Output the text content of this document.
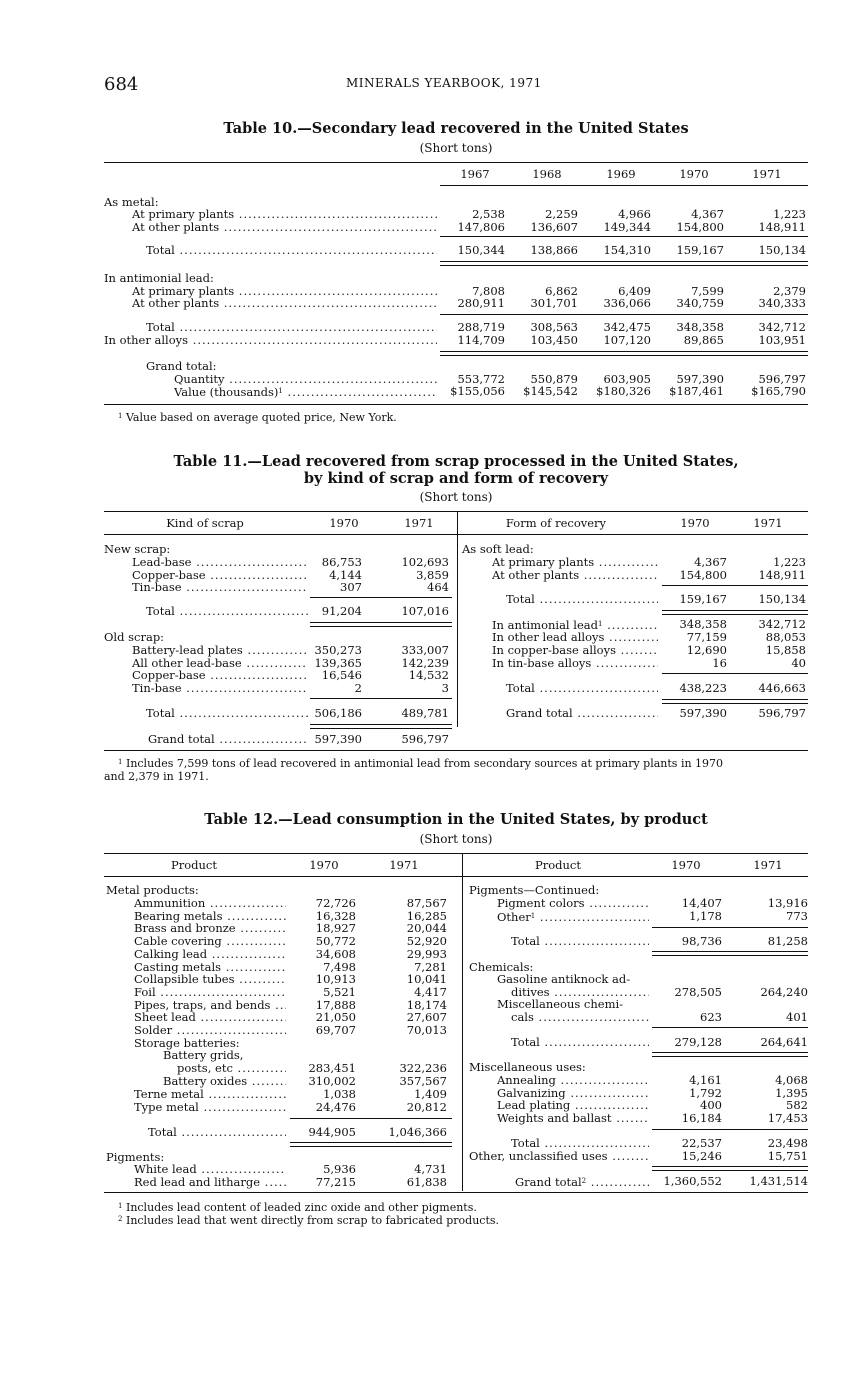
684	MINERALS YEARBOOK, 1971
Table 10.—Secondary lead recovered in the United States
(Short tons)
1967	1968	1969	1970	1971
As metal:
At primary plants .....	2,538	2,259	4,966	4,367	1,223
At other plants .....	147,806 136,607 149,344 154,800	148,911
Total .....	150,344 138,866 154,310 159,167	150,134
In antimonial lead:
At primary plants .....	7,808	6,862	6,409	7,599	2,379
At other plants .....	280,911 301,701 336,066 340,759	340,333
Total .....	288,719 308,563 342,475 348,358	342,712
In other alloys .....	114,709 103,450 107,120	89,865	103,951
Grand total:
Quantity .....	553,772 550,879 603,905 597,390	596,797
Value (thousands)$^1$ .....	$155,056 $145,542 $180,326 $187,461 $165,790
$^1$ Value based on average quoted price, New York.
Table 11.—Lead recovered from scrap processed in the United States,
by kind of scrap and form of recovery
(Short tons)
Kind of scrap	1970	1971	Form of recovery	1970	1971
New scrap:
Lead-base .....	86,753	102,693
Copper-base .....	4,144	3,859
Tin-base .....	307	464
Total .....	91,204	107,016
Old scrap:
Battery-lead plates .....	350,273	333,007
All other lead-base .....	139,365	142,239
Copper-base .....	16,546	14,532
Tin-base .....	2	3
Total .....	506,186	489,781
Grand total .....	597,390	596,797
As soft lead:
At primary plants .....	4,367	1,223
At other plants .....	154,800	148,911
Total .....	159,167	150,134
In antimonial lead$^1$ .....	348,358	342,712
In other lead alloys .....	77,159	88,053
In copper-base alloys .....	12,690	15,858
In tin-base alloys .....	16	40
Total .....	438,223	446,663
Grand total .....	597,390	596,797
$^1$ Includes 7,599 tons of lead recovered in antimonial lead from secondary sources at primary plants in 1970
and 2,379 in 1971.
Table 12.—Lead consumption in the United States, by product
(Short tons)
Product	1970	1971	Product	1970	1971
Metal products:
Ammunition .....	72,726	87,567
Bearing metals .....	16,328	16,285
Brass and bronze .....	18,927	20,044
Cable covering .....	50,772	52,920
Calking lead .....	34,608	29,993
Casting metals .....	7,498	7,281
Collapsible tubes .....	10,913	10,041
Foil .....	5,521	4,417
Pipes, traps, and bends .....	17,888	18,174
Sheet lead .....	21,050	27,607
Solder .....	69,707	70,013
Storage batteries:
Battery grids,
posts, etc .....	283,451	322,236
Battery oxides .....	310,002	357,567
Terne metal .....	1,038	1,409
Type metal .....	24,476	20,812
Total .....	944,905	1,046,366
Pigments:
White lead .....	5,936	4,731
Red lead and litharge .....	77,215	61,838
Pigments—Continued:
Pigment colors .....	14,407	13,916
Other$^1$ .....	1,178	773
Total .....	98,736	81,258
Chemicals:
Gasoline antiknock ad-
ditives .....	278,505	264,240
Miscellaneous chemi-
cals .....	623	401
Total .....	279,128	264,641
Miscellaneous uses:
Annealing .....	4,161	4,068
Galvanizing .....	1,792	1,395
Lead plating .....	400	582
Weights and ballast .....	16,184	17,453
Total .....	22,537	23,498
Other, unclassified uses .....	15,246	15,751
Grand total$^2$ .....	1,360,552 1,431,514
$^1$ Includes lead content of leaded zinc oxide and other pigments.
$^2$ Includes lead that went directly from scrap to fabricated products.
